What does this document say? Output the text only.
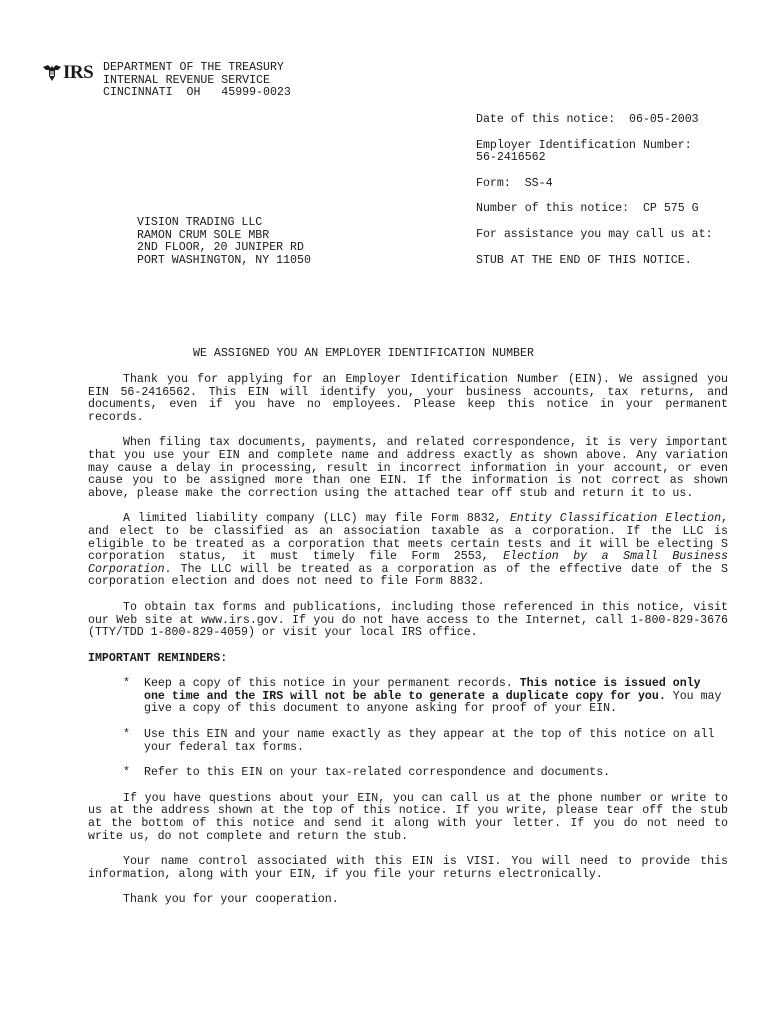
IRS DEPARTMENT OF THE TREASURY
INTERNAL REVENUE SERVICE
CINCINNATI  OH   45999-0023
Date of this notice:  06-05-2003
Employer Identification Number:
56-2416562
Form:  SS-4
Number of this notice:  CP 575 G
For assistance you may call us at:
STUB AT THE END OF THIS NOTICE.
VISION TRADING LLC
RAMON CRUM SOLE MBR
2ND FLOOR, 20 JUNIPER RD
PORT WASHINGTON, NY 11050
WE ASSIGNED YOU AN EMPLOYER IDENTIFICATION NUMBER

Thank you for applying for an Employer Identification Number (EIN). We assigned you EIN 56-2416562. This EIN will identify you, your business accounts, tax returns, and documents, even if you have no employees. Please keep this notice in your permanent records.

When filing tax documents, payments, and related correspondence, it is very important that you use your EIN and complete name and address exactly as shown above. Any variation may cause a delay in processing, result in incorrect information in your account, or even cause you to be assigned more than one EIN. If the information is not correct as shown above, please make the correction using the attached tear off stub and return it to us.

A limited liability company (LLC) may file Form 8832, Entity Classification Election, and elect to be classified as an association taxable as a corporation. If the LLC is eligible to be treated as a corporation that meets certain tests and it will be electing S corporation status, it must timely file Form 2553, Election by a Small Business Corporation. The LLC will be treated as a corporation as of the effective date of the S corporation election and does not need to file Form 8832.

To obtain tax forms and publications, including those referenced in this notice, visit our Web site at www.irs.gov. If you do not have access to the Internet, call 1-800-829-3676 (TTY/TDD 1-800-829-4059) or visit your local IRS office.

IMPORTANT REMINDERS:
* Keep a copy of this notice in your permanent records. This notice is issued only one time and the IRS will not be able to generate a duplicate copy for you. You may give a copy of this document to anyone asking for proof of your EIN.
* Use this EIN and your name exactly as they appear at the top of this notice on all your federal tax forms.
* Refer to this EIN on your tax-related correspondence and documents.

If you have questions about your EIN, you can call us at the phone number or write to us at the address shown at the top of this notice. If you write, please tear off the stub at the bottom of this notice and send it along with your letter. If you do not need to write us, do not complete and return the stub.

Your name control associated with this EIN is VISI. You will need to provide this information, along with your EIN, if you file your returns electronically.

Thank you for your cooperation.
